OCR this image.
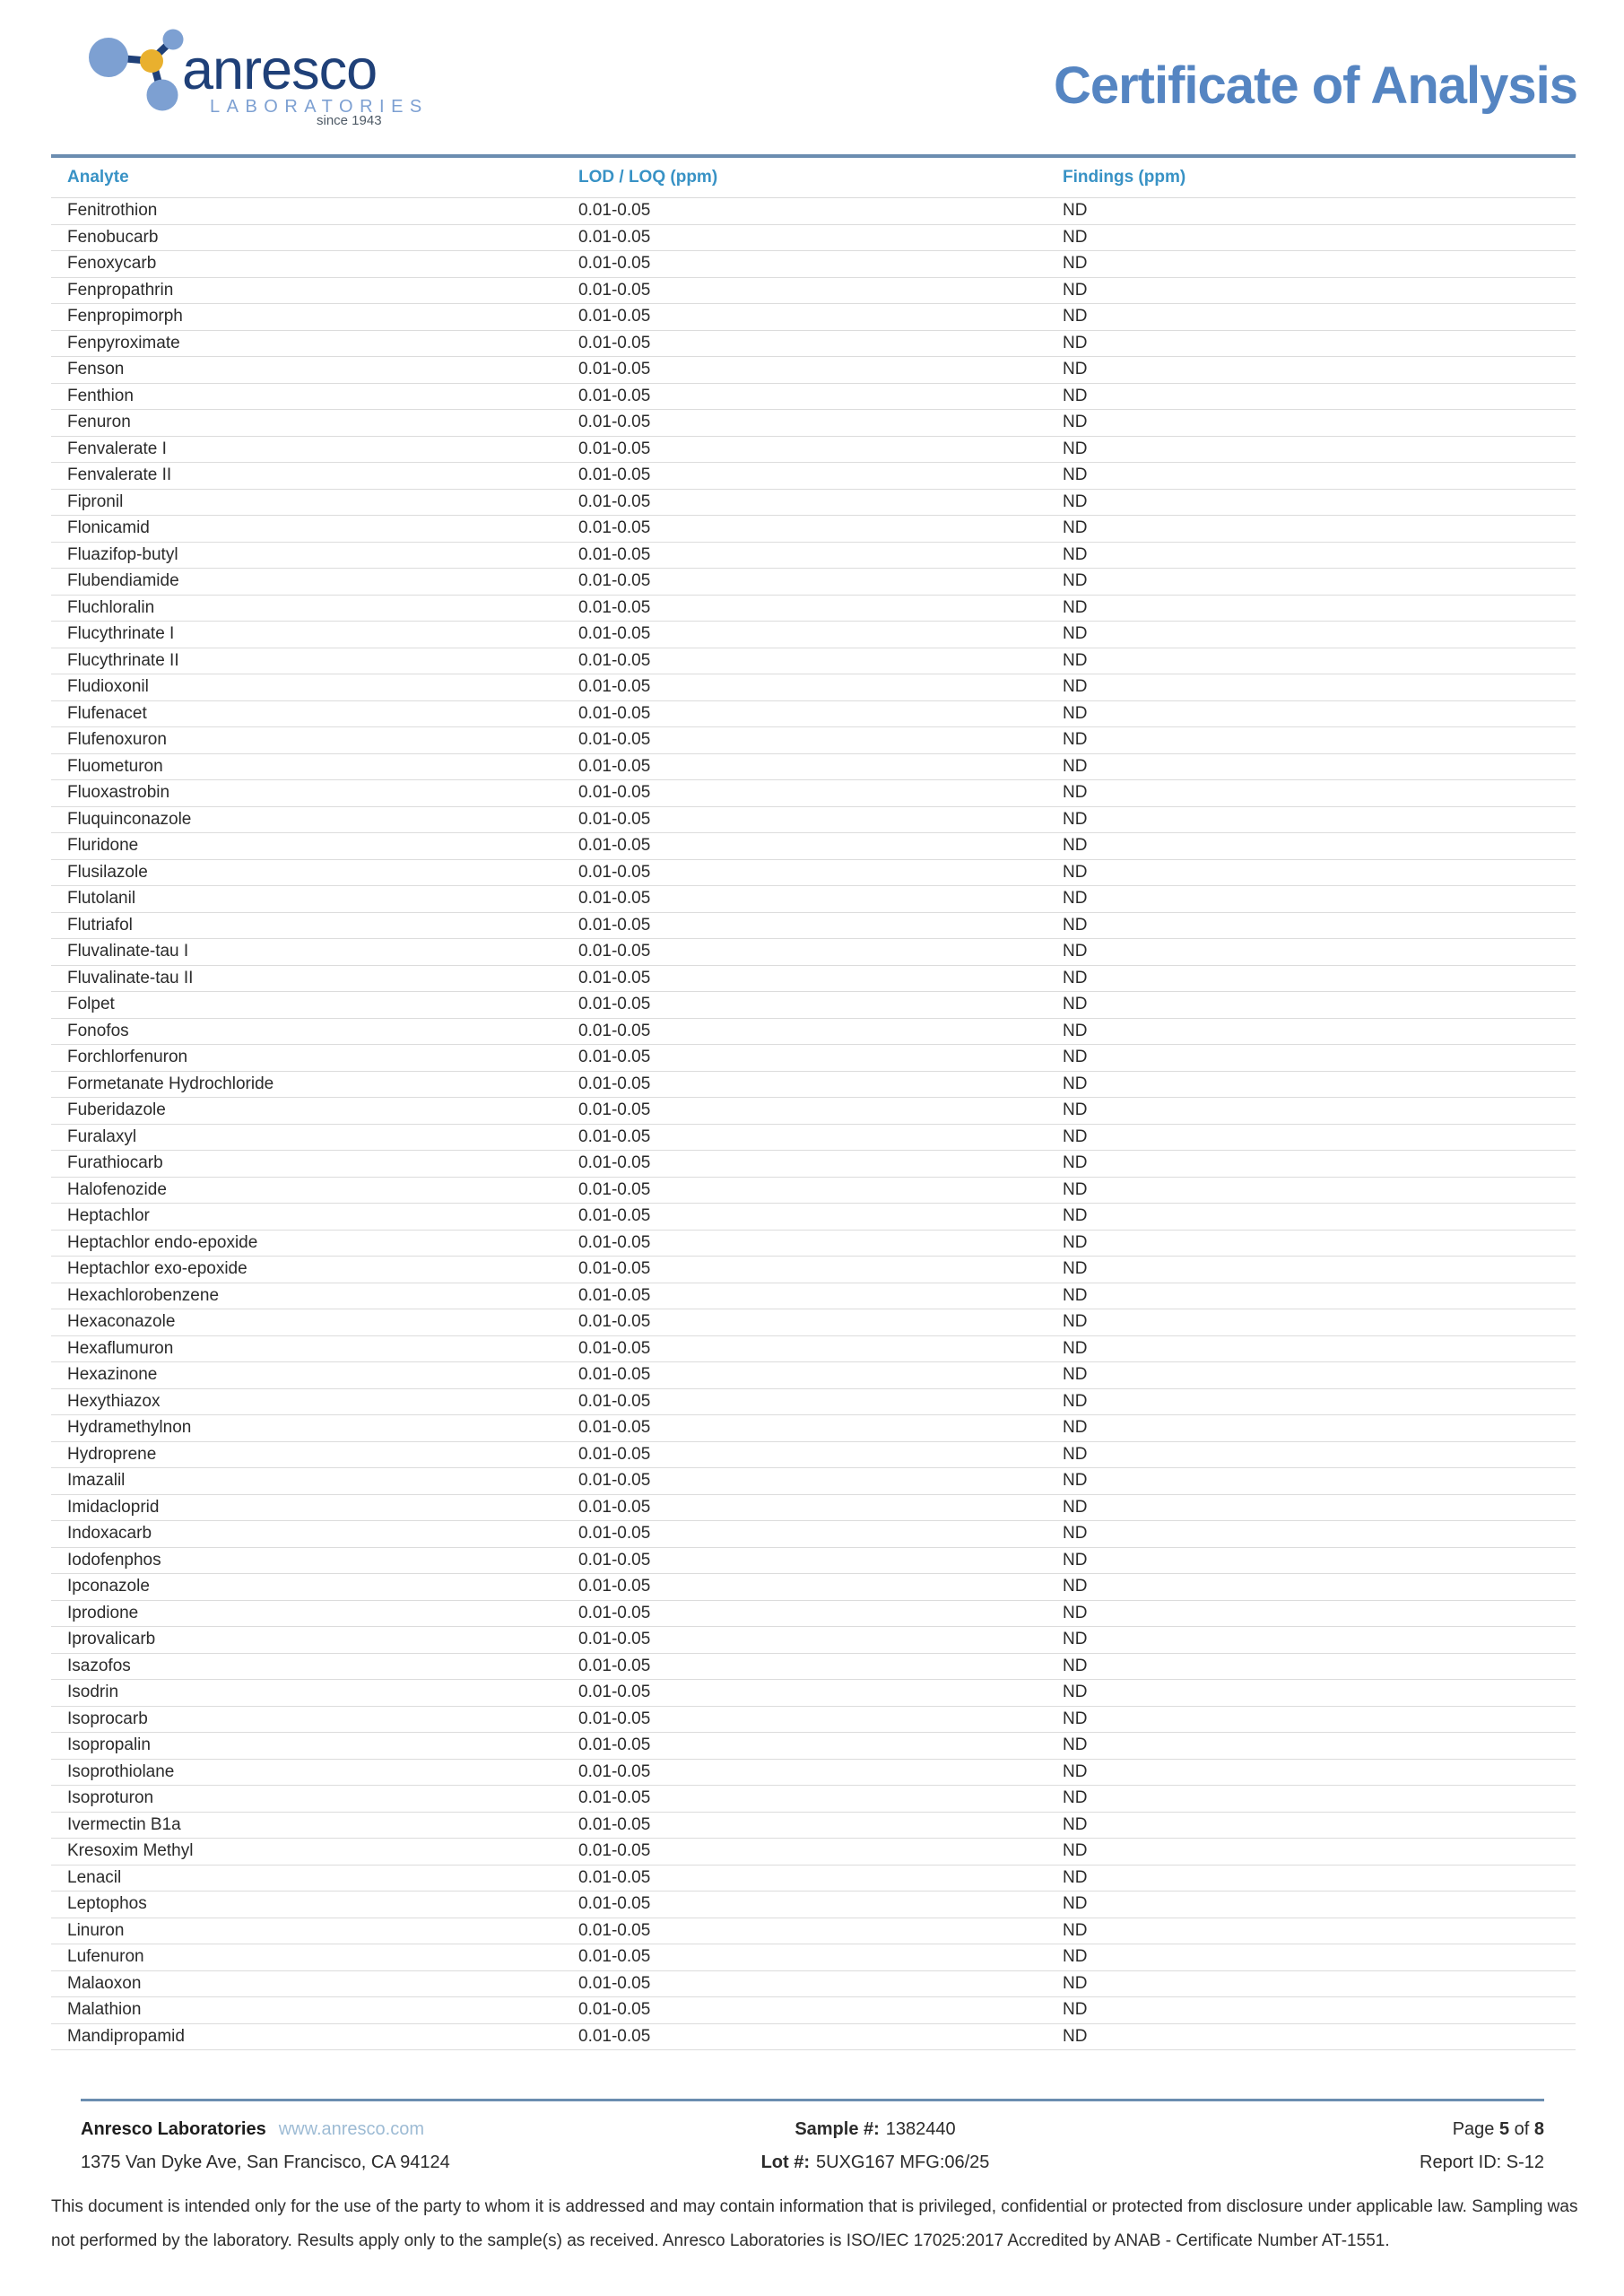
anresco
LABORATORIES
since 1943
Certificate of Analysis
Analyte	LOD / LOQ (ppm)	Findings (ppm)
Fenitrothion	0.01-0.05	ND
Fenobucarb	0.01-0.05	ND
Fenoxycarb	0.01-0.05	ND
Fenpropathrin	0.01-0.05	ND
Fenpropimorph	0.01-0.05	ND
Fenpyroximate	0.01-0.05	ND
Fenson	0.01-0.05	ND
Fenthion	0.01-0.05	ND
Fenuron	0.01-0.05	ND
Fenvalerate I	0.01-0.05	ND
Fenvalerate II	0.01-0.05	ND
Fipronil	0.01-0.05	ND
Flonicamid	0.01-0.05	ND
Fluazifop-butyl	0.01-0.05	ND
Flubendiamide	0.01-0.05	ND
Fluchloralin	0.01-0.05	ND
Flucythrinate I	0.01-0.05	ND
Flucythrinate II	0.01-0.05	ND
Fludioxonil	0.01-0.05	ND
Flufenacet	0.01-0.05	ND
Flufenoxuron	0.01-0.05	ND
Fluometuron	0.01-0.05	ND
Fluoxastrobin	0.01-0.05	ND
Fluquinconazole	0.01-0.05	ND
Fluridone	0.01-0.05	ND
Flusilazole	0.01-0.05	ND
Flutolanil	0.01-0.05	ND
Flutriafol	0.01-0.05	ND
Fluvalinate-tau I	0.01-0.05	ND
Fluvalinate-tau II	0.01-0.05	ND
Folpet	0.01-0.05	ND
Fonofos	0.01-0.05	ND
Forchlorfenuron	0.01-0.05	ND
Formetanate Hydrochloride	0.01-0.05	ND
Fuberidazole	0.01-0.05	ND
Furalaxyl	0.01-0.05	ND
Furathiocarb	0.01-0.05	ND
Halofenozide	0.01-0.05	ND
Heptachlor	0.01-0.05	ND
Heptachlor endo-epoxide	0.01-0.05	ND
Heptachlor exo-epoxide	0.01-0.05	ND
Hexachlorobenzene	0.01-0.05	ND
Hexaconazole	0.01-0.05	ND
Hexaflumuron	0.01-0.05	ND
Hexazinone	0.01-0.05	ND
Hexythiazox	0.01-0.05	ND
Hydramethylnon	0.01-0.05	ND
Hydroprene	0.01-0.05	ND
Imazalil	0.01-0.05	ND
Imidacloprid	0.01-0.05	ND
Indoxacarb	0.01-0.05	ND
Iodofenphos	0.01-0.05	ND
Ipconazole	0.01-0.05	ND
Iprodione	0.01-0.05	ND
Iprovalicarb	0.01-0.05	ND
Isazofos	0.01-0.05	ND
Isodrin	0.01-0.05	ND
Isoprocarb	0.01-0.05	ND
Isopropalin	0.01-0.05	ND
Isoprothiolane	0.01-0.05	ND
Isoproturon	0.01-0.05	ND
Ivermectin B1a	0.01-0.05	ND
Kresoxim Methyl	0.01-0.05	ND
Lenacil	0.01-0.05	ND
Leptophos	0.01-0.05	ND
Linuron	0.01-0.05	ND
Lufenuron	0.01-0.05	ND
Malaoxon	0.01-0.05	ND
Malathion	0.01-0.05	ND
Mandipropamid	0.01-0.05	ND
Anresco Laboratories www.anresco.com
1375 Van Dyke Ave, San Francisco, CA 94124
Sample #: 1382440
Lot #: 5UXG167 MFG:06/25
Page 5 of 8
Report ID: S-12
This document is intended only for the use of the party to whom it is addressed and may contain information that is privileged, confidential or protected from disclosure under applicable law. Sampling was not performed by the laboratory. Results apply only to the sample(s) as received. Anresco Laboratories is ISO/IEC 17025:2017 Accredited by ANAB - Certificate Number AT-1551.
